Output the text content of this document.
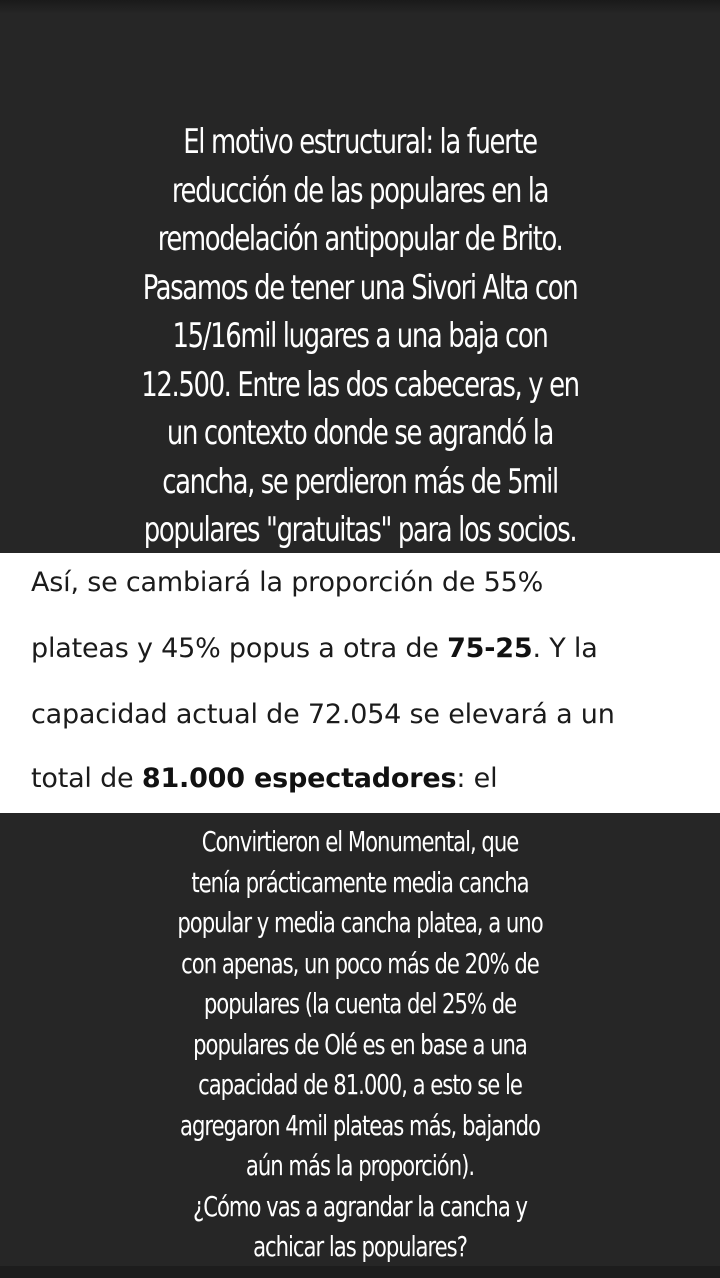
El motivo estructural: la fuerte
reducción de las populares en la
remodelación antipopular de Brito.
Pasamos de tener una Sivori Alta con
15/16mil lugares a una baja con
12.500. Entre las dos cabeceras, y en
un contexto donde se agrandó la
cancha, se perdieron más de 5mil
populares "gratuitas" para los socios.

Así, se cambiará la proporción de 55%

plateas y 45% popus a otra de 75-25. Y la

capacidad actual de 72.054 se elevará a un

total de 81.000 espectadores: el

Convirtieron el Monumental, que
tenía prácticamente media cancha
popular y media cancha platea, a uno
con apenas, un poco más de 20% de
populares (la cuenta del 25% de
populares de Olé es en base a una
capacidad de 81.000, a esto se le
agregaron 4mil plateas más, bajando
aún más la proporción).
¿Cómo vas a agrandar la cancha y
achicar las populares?
